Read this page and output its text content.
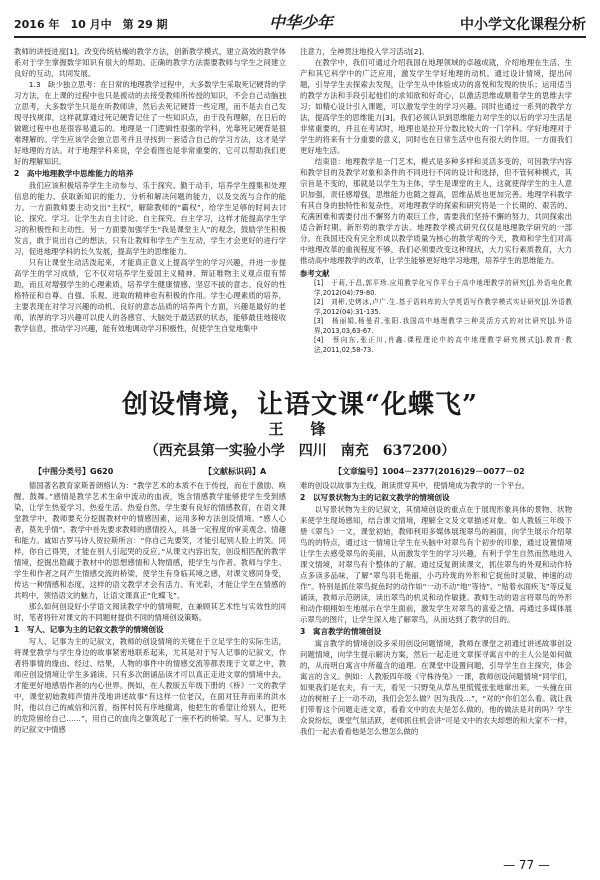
2016 年　10 月中　第 29 期	中华少年	中小学文化课程分析

教师的讲授进度[1]，改变传统枯燥的教学方法，创新教学模式，建立高效的教学体系对于学生掌握数学知识有很大的帮助。正确的教学方法需要教师与学生之间建立良好的互动，共同发展。

1.3　缺少独立思考：在日常的地理教学过程中，大多数学生采取死记硬背的学习方法，在上课的过程中也只是被动的去接受教师所传授的知识，不会自己动脑独立思考，大多数学生只是在听教师讲，然后去死记硬背一些定理，而不是去自己发现寻找规律，这样就算通过死记硬背记住了一些知识点，由于没有理解，在日后的做题过程中也是很容易遗忘的。地理是一门逻辑性很强的学科，光靠死记硬背是很难理解的。学生应该学会独立思考并且寻找到一套适合自己的学习方法，这才是学好地理的方法。对于地理学科来说，学会看图也是非常重要的，它可以帮助我们更好的理解知识。

2　高中地理教学中思维能力的培养

我们应该积极培养学生主动参与、乐于探究、勤于动手，培养学生搜集和处理信息的能力、获取新知识的能力、分析和解决问题的能力，以及交流与合作的能力。一方面教师要主动交出“主权”，解除教师的“霸权”，给学生足够的时间去讨论、探究、学习。让学生去自主讨论、自主探究、自主学习，这样才能提高学生学习的积极性和主动性。另一方面要加强学生“我是课堂主人”的观念，鼓励学生积极发言，敢于说出自己的想法，只有让教师和学生产生互动，学生才会更好的进行学习，促进地理学科的长久发展，提高学生的思维能力。

只有让课堂生动活泼起来，才能真正意义上提高学生的学习兴趣，并进一步提高学生的学习成绩，它不仅对培养学生爱国主义精神、辩证唯物主义观点很有帮助，而且对增强学生的心理素质，培养学生健康情感、坚忍不拔的意志、良好的性格特征和自尊、自强、乐观、进取的精神也有积极的作用。学生心理素质的培养，主要表现在对学习兴趣的动机、良好的意志品质的培养两个方面，兴趣是最好的老师，浓厚的学习兴趣可以使人的各感官、大脑处于最活跃的状态，能够最佳地接收教学信息，推动学习兴趣，能有效地调动学习积极性，促使学生自觉地集中

注意力，全神贯注地投入学习活动[2]。

在教学中，我们可通过介绍我国在地理领域的卓越成就，介绍地理在生活、生产和其它科学中的广泛应用，激发学生学好地理的动机。通过设计情境，提出问题，引导学生去探索去发现，让学生从中体验成功的喜悦和发现的快乐；运用适当的教学方法和手段引起他们的求知欲和好奇心，以激活思维或顺着学生的思维去学习；如精心设计引入课题，可以激发学生的学习兴趣。同时也通过一系列的教学方法，提高学生的思维能力[3]。我们必须认识到思维能力对学生的以后的学习生活是非常重要的，并且在考试时，地理也是拉开分数比较大的一门学科。学好地理对于学生的将来有十分重要的意义，同时也在日常生活中也有很大的作用。一方面我们更好地生活。

结束语：地理教学是一门艺术，模式是多种多样和灵活多变的，可因教学内容和教学目的及教学对象和条件的不同进行不同的设计和选择，但不管何种模式，其宗旨是不变的，那就是以学生为主体，学生是课堂的主人，这就使得学生的主人意识加强，责任感增强，思维能力也随之提高，思维品质也更加完善。地理学科教学有其自身的独特性和复杂性，对地理教学的探索和研究将是一个长期的、艰苦的、充满困难和需要付出不懈努力的艰巨工作，需要我们坚持不懈的努力，共同探索出适合新时期、新形势的教学方法。地理教学模式研究仅仅是地理教学研究的一部分。在我国还没有完全形成以教学质量为核心的教学观的今天，教师和学生们对高中地理改革的重视程度不够，我们必须要改变这种现状，大力实行素质教育，大力推动高中地理教学的改革，让学生能够更好地学习地理，培养学生的思维能力。

参考文献

[1]　于莉,于昌,郭平珍.应用教学化写作平台于高中地理教学的研究[J].外语电化教学,2012(04):79-80.
[2]　刘彬,史烤冰,卢广.生.基于语料库的大学英语写作教学模式实证研究[J].外语教学,2012(04):31-135.
[3]　杨丽娟,杨曼君,张阳.我国高中地理教学三种灵活方式的对比研究[J].外语界,2013,03,63-67.
[4]　蔡向东,张正川,肖鑫.课程理论中的高中地理教学研究模式[J].教育·教法,2011,02,58-73.
创设情境，让语文课“化蝶飞”
王　锋
（西充县第一实验小学　四川　南充　637200）
【中图分类号】G620	【文献标识码】A	【文章编号】1004－2377(2016)29－0077－02

德国著名教育家斯普朗格认为：“教学艺术的本质不在于传授，而在于激励、唤醒、鼓舞。”感情是教学艺术生命中流动的血液，饱含情感教学能够使学生受到感染，让学生热爱学习、热爱生活、热爱自然。学生要有良好的情感教育，在语文课堂教学中，教师要充分挖掘教材中的情感因素，运用多种方法创设情境。“感人心者，莫先乎情”。教学中首先要求教师的感情投入，具备一定程度的审美观念、情趣和能力。诚如古罗马诗人贺拉斯所言：“你自己先要笑，才能引起别人脸上的笑。同样，你自己得哭，才能在别人引起哭的反应。”从课文内容出发，创设相匹配的教学情境，挖掘出隐藏于教材中的思想感情和人物情感，使学生与作者、教师与学生、学生和作者之间产生情感交流的桥梁，使学生有身临其境之感，对课文感同身受，传达一种情感和态度，这样的语文教学才会有活力、有光彩，才能让学生在情感的共鸣中，领悟语文的魅力，让语文课真正“化蝶飞”。

那么如何创设好小学语文阅读教学中的情境呢，在兼顾其艺术性与实效性的同时，笔者将针对课文的不同题材提供不同的情境创设策略。

1　写人、记事为主的记叙文教学的情境创设

写人、记事为主的记叙文，教师的创设情境的关键在于立足学生的实际生活，将课堂教学与学生身边的故事紧密地联系起来，尤其是对于写人记事的记叙文，作者将事情的缘由、经过、结果，人物的事件中的情感交流等都表现于文章之中，教师应创设情境让学生多诵读。只有多次朗诵品读才可以真正走进文章的情境中去，才能更好地感悟作者的内心世界。例如，在人教版五年级下册的《桥》一文的教学中，课堂初始教师声情并茂地讲述故事“有这样一位老汉，在面对狂奔而来的洪水时，他以自己的威信和沉着，指挥村民有序地撤离，他把生的希望让给别人，把死的危险留给自己……”，用自己的血肉之躯筑起了一座不朽的桥梁。写人、记事为主的记叙文中情感

难的创设以故事为主线，朗读贯穿其中，使情境成为教学的一个平台。

2　以写景状物为主的记叙文教学的情境创设

以写景状物为主的记叙文，其情境创设的重点在于展现形象具体的景物、状物来使学生现场感知，结合课文情境，理解全文及文章描述对象。如人教版三年级下册《翠鸟》一文，课堂初始，教师利用多媒体展现翠鸟的画面，向学生展示介绍翠鸟的的特点，通过这一情境让学生在头脑中对翠鸟有个初步的印象，通过设置情境让学生去感受翠鸟的美丽，从而激发学生的学习兴趣，有利于学生自然而然地进入课文情境，对翠鸟有个整体的了解。通过反复朗读课文，抓住翠鸟的外观和动作特点多读多品味，了解“翠鸟羽毛艳丽，小巧玲珑的外形和它捉鱼时灵敏、神速的动作”。特别是抓住翠鸟捉鱼时的动作如“一动不动”地“等待”、“贴着水面疾飞”等反复诵读，教师示范朗读，读出翠鸟的机灵和动作敏捷。教师生动的语言将翠鸟的外形和动作栩栩如生地展示在学生面前，激发学生对翠鸟的喜爱之情。再通过多媒体展示翠鸟的图片，让学生深入地了解翠鸟，从而达到了教学的目的。

3　寓言教学的情境创设

寓言教学的情境创设多采用创设问题情境，教师在课堂之初通过讲述故事创设问题情境，向学生提示解决方案，然后一起走进文章探寻寓言中的主人公是如何做的，从而明白寓言中所蕴含的道理。在课堂中设置问题，引导学生自主探究，体会寓言的含义。例如：人教版四年级《守株待兔》一课，教师创设问题情境“同学们，如果我们是农夫，有一天，看见一只野兔从草丛里慌慌张张地窜出来，一头撞在田边的树桩子上一动不动，我们会怎么做？因为我没…”，“对的”你们怎么看。就让我们带着这个问题走进文章，看看文中的农夫是怎么做的，他的做法是对的吗？学生众说纷纭，课堂气氛活跃，老师抓住机会讲“可是文中的农夫却想的和大家不一样，我们一起去看看他是怎么想怎么做的

— 77 —
